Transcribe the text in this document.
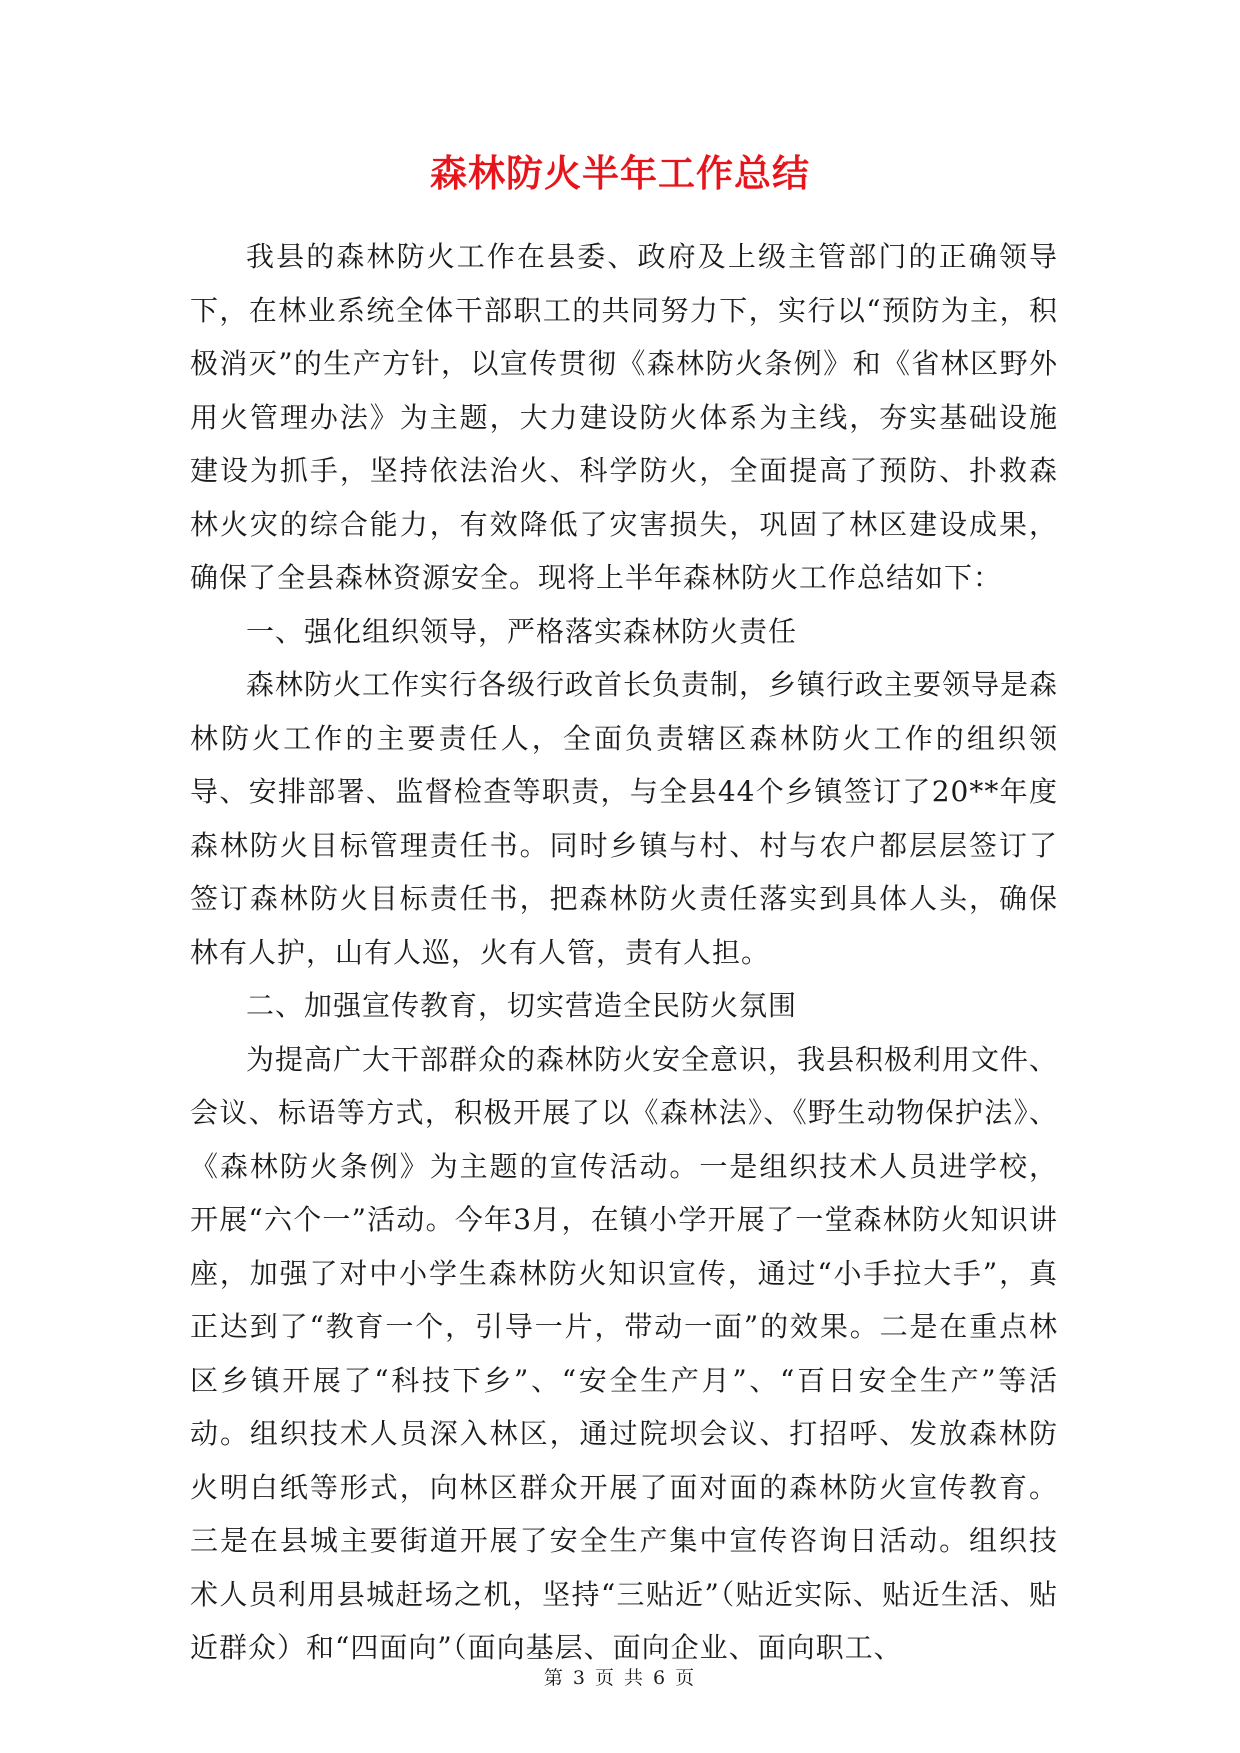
森林防火半年工作总结

我县的森林防火工作在县委、政府及上级主管部门的正确领导下，在林业系统全体干部职工的共同努力下，实行以“预防为主，积极消灭”的生产方针，以宣传贯彻《森林防火条例》和《省林区野外用火管理办法》为主题，大力建设防火体系为主线，夯实基础设施建设为抓手，坚持依法治火、科学防火，全面提高了预防、扑救森林火灾的综合能力，有效降低了灾害损失，巩固了林区建设成果，确保了全县森林资源安全。现将上半年森林防火工作总结如下：

一、强化组织领导，严格落实森林防火责任

森林防火工作实行各级行政首长负责制，乡镇行政主要领导是森林防火工作的主要责任人，全面负责辖区森林防火工作的组织领导、安排部署、监督检查等职责，与全县44个乡镇签订了20**年度森林防火目标管理责任书。同时乡镇与村、村与农户都层层签订了签订森林防火目标责任书，把森林防火责任落实到具体人头，确保林有人护，山有人巡，火有人管，责有人担。

二、加强宣传教育，切实营造全民防火氛围

为提高广大干部群众的森林防火安全意识，我县积极利用文件、会议、标语等方式，积极开展了以《森林法》、《野生动物保护法》、《森林防火条例》为主题的宣传活动。一是组织技术人员进学校，开展“六个一”活动。今年3月，在镇小学开展了一堂森林防火知识讲座，加强了对中小学生森林防火知识宣传，通过“小手拉大手”，真正达到了“教育一个，引导一片，带动一面”的效果。二是在重点林区乡镇开展了“科技下乡”、“安全生产月”、“百日安全生产”等活动。组织技术人员深入林区，通过院坝会议、打招呼、发放森林防火明白纸等形式，向林区群众开展了面对面的森林防火宣传教育。三是在县城主要街道开展了安全生产集中宣传咨询日活动。组织技术人员利用县城赶场之机，坚持“三贴近”（贴近实际、贴近生活、贴近群众）和“四面向”（面向基层、面向企业、面向职工、

第 3 页 共 6 页
